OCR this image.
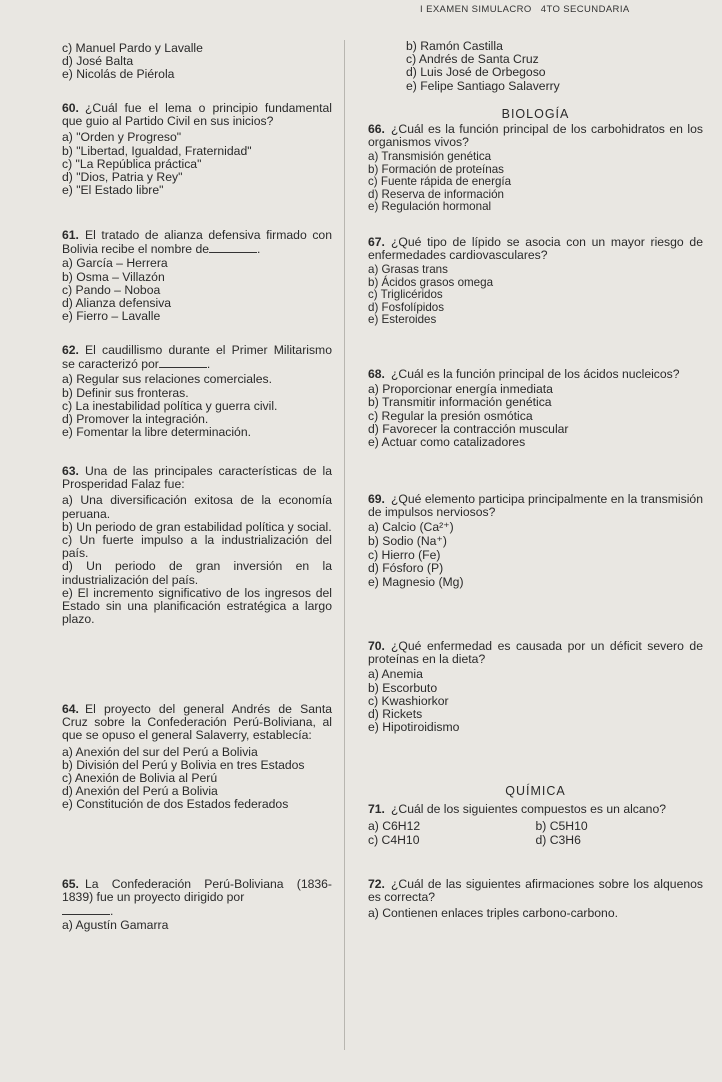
I EXAMEN SIMULACRO 4TO SECUNDARIA

c) Manuel Pardo y Lavalle

d) José Balta

e) Nicolás de Piérola

60. ¿Cuál fue el lema o principio fundamental que guio al Partido Civil en sus inicios?

a) "Orden y Progreso"

b) "Libertad, Igualdad, Fraternidad"

c) "La República práctica"

d) "Dios, Patria y Rey"

e) "El Estado libre"

61. El tratado de alianza defensiva firmado con Bolivia recibe el nombre de	.

a) García – Herrera

b) Osma – Villazón

c) Pando – Noboa

d) Alianza defensiva

e) Fierro – Lavalle

62. El caudillismo durante el Primer Militarismo se caracterizó por	.

a) Regular sus relaciones comerciales.

b) Definir sus fronteras.

c) La inestabilidad política y guerra civil.

d) Promover la integración.

e) Fomentar la libre determinación.

63. Una de las principales características de la Prosperidad Falaz fue:

a) Una diversificación exitosa de la economía peruana.

b) Un periodo de gran estabilidad política y social.

c) Un fuerte impulso a la industrialización del país.

d) Un periodo de gran inversión en la industrialización del país.

e) El incremento significativo de los ingresos del Estado sin una planificación estratégica a largo plazo.

64. El proyecto del general Andrés de Santa Cruz sobre la Confederación Perú-Boliviana, al que se opuso el general Salaverry, establecía:

a) Anexión del sur del Perú a Bolivia

b) División del Perú y Bolivia en tres Estados

c) Anexión de Bolivia al Perú

d) Anexión del Perú a Bolivia

e) Constitución de dos Estados federados

65. La Confederación Perú-Boliviana (1836-1839) fue un proyecto dirigido por

.

a) Agustín Gamarra

b) Ramón Castilla

c) Andrés de Santa Cruz

d) Luis José de Orbegoso

e) Felipe Santiago Salaverry

BIOLOGÍA

66. ¿Cuál es la función principal de los carbohidratos en los organismos vivos?

a) Transmisión genética

b) Formación de proteínas

c) Fuente rápida de energía

d) Reserva de información

e) Regulación hormonal

67. ¿Qué tipo de lípido se asocia con un mayor riesgo de enfermedades cardiovasculares?

a) Grasas trans

b) Ácidos grasos omega

c) Triglicéridos

d) Fosfolípidos

e) Esteroides

68. ¿Cuál es la función principal de los ácidos nucleicos?

a) Proporcionar energía inmediata

b) Transmitir información genética

c) Regular la presión osmótica

d) Favorecer la contracción muscular

e) Actuar como catalizadores

69. ¿Qué elemento participa principalmente en la transmisión de impulsos nerviosos?

a) Calcio (Ca²⁺)

b) Sodio (Na⁺)

c) Hierro (Fe)

d) Fósforo (P)

e) Magnesio (Mg)

70. ¿Qué enfermedad es causada por un déficit severo de proteínas en la dieta?

a) Anemia

b) Escorbuto

c) Kwashiorkor

d) Rickets

e) Hipotiroidismo

QUÍMICA

71. ¿Cuál de los siguientes compuestos es un alcano?

a) C6H12	b) C5H10

c) C4H10	d) C3H6

72. ¿Cuál de las siguientes afirmaciones sobre los alquenos es correcta?

a) Contienen enlaces triples carbono-carbono.
